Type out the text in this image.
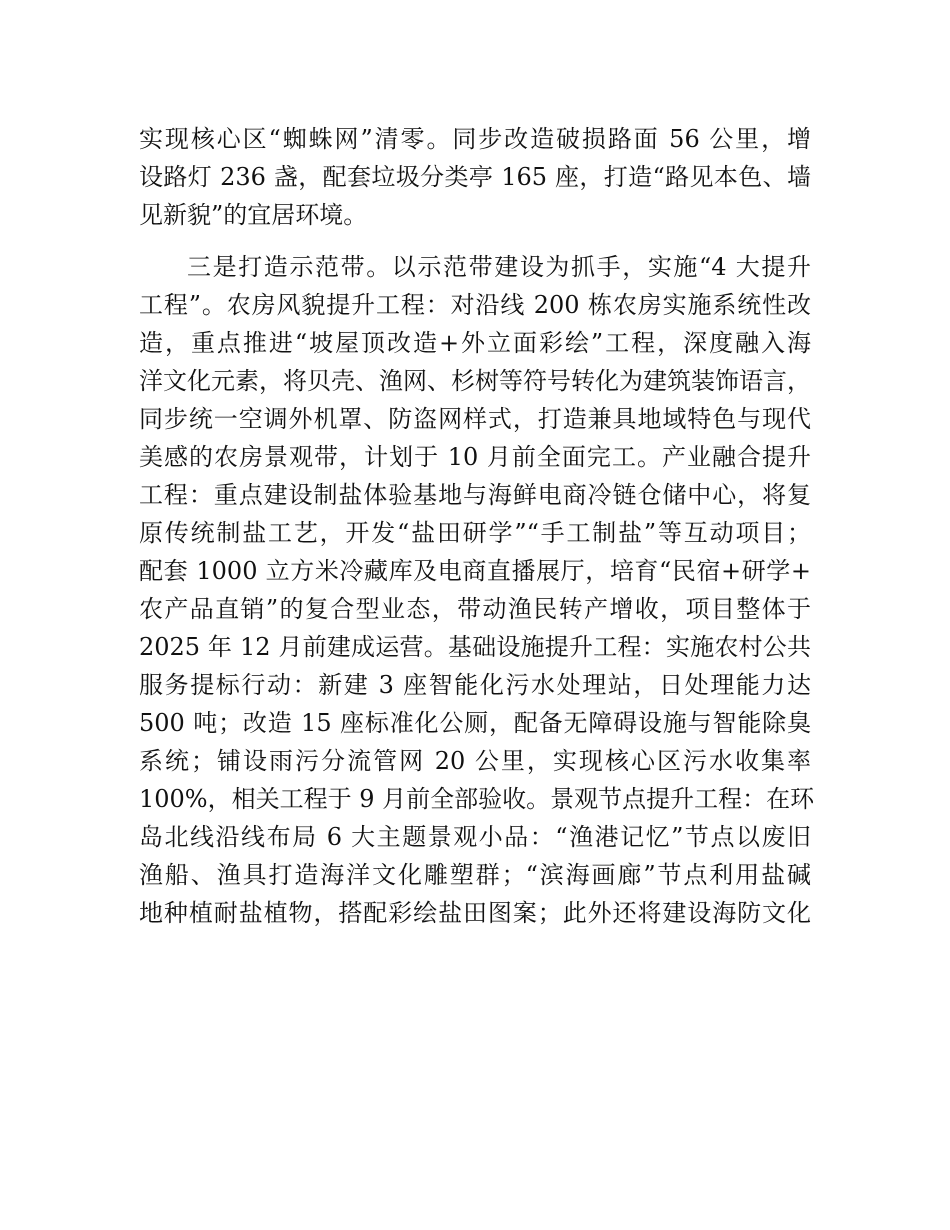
实现核心区“蜘蛛网”清零。同步改造破损路面 56 公里，增
设路灯 236 盏，配套垃圾分类亭 165 座，打造“路见本色、墙
见新貌”的宜居环境。

三是打造示范带。以示范带建设为抓手，实施“4 大提升
工程”。农房风貌提升工程：对沿线 200 栋农房实施系统性改
造，重点推进“坡屋顶改造+外立面彩绘”工程，深度融入海
洋文化元素，将贝壳、渔网、杉树等符号转化为建筑装饰语言，
同步统一空调外机罩、防盗网样式，打造兼具地域特色与现代
美感的农房景观带，计划于 10 月前全面完工。产业融合提升
工程：重点建设制盐体验基地与海鲜电商冷链仓储中心，将复
原传统制盐工艺，开发“盐田研学”“手工制盐”等互动项目；
配套 1000 立方米冷藏库及电商直播展厅，培育“民宿+研学+
农产品直销”的复合型业态，带动渔民转产增收，项目整体于
2025 年 12 月前建成运营。基础设施提升工程：实施农村公共
服务提标行动：新建 3 座智能化污水处理站，日处理能力达
500 吨；改造 15 座标准化公厕，配备无障碍设施与智能除臭
系统；铺设雨污分流管网 20 公里，实现核心区污水收集率
100%，相关工程于 9 月前全部验收。景观节点提升工程：在环
岛北线沿线布局 6 大主题景观小品：“渔港记忆”节点以废旧
渔船、渔具打造海洋文化雕塑群；“滨海画廊”节点利用盐碱
地种植耐盐植物，搭配彩绘盐田图案；此外还将建设海防文化
